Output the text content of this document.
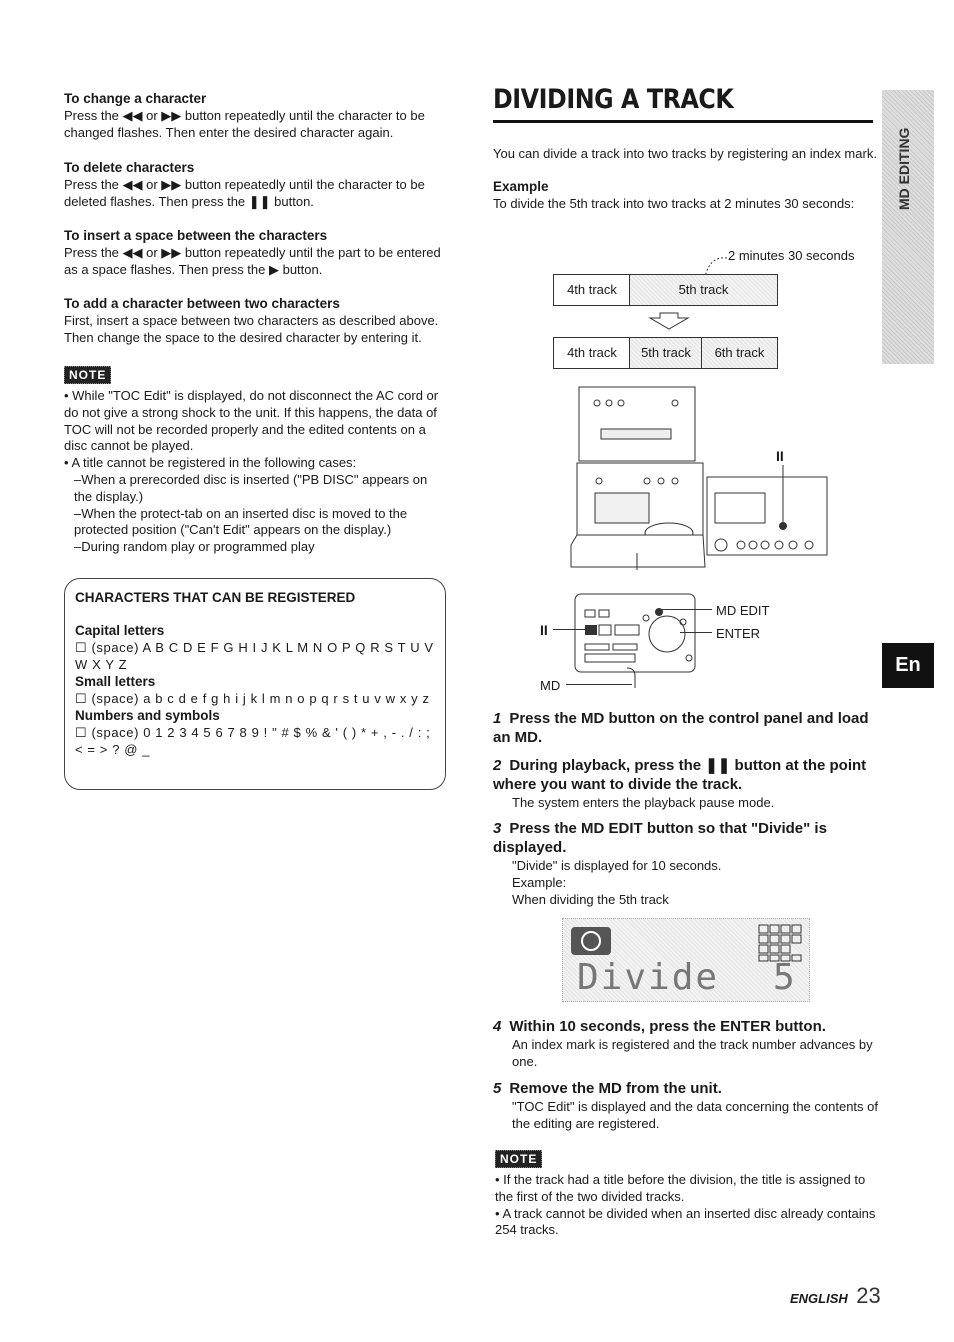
To change a character

Press the ◀◀ or ▶▶ button repeatedly until the character to be changed flashes. Then enter the desired character again.

To delete characters

Press the ◀◀ or ▶▶ button repeatedly until the character to be deleted flashes. Then press the ❚❚ button.

To insert a space between the characters

Press the ◀◀ or ▶▶ button repeatedly until the part to be entered as a space flashes. Then press the ▶ button.

To add a character between two characters

First, insert a space between two characters as described above. Then change the space to the desired character by entering it.

NOTE

• While "TOC Edit" is displayed, do not disconnect the AC cord or do not give a strong shock to the unit. If this happens, the data of TOC will not be recorded properly and the edited contents on a disc cannot be played.

• A title cannot be registered in the following cases:

–When a prerecorded disc is inserted ("PB DISC" appears on the display.)

–When the protect-tab on an inserted disc is moved to the protected position ("Can't Edit" appears on the display.)

–During random play or programmed play

CHARACTERS THAT CAN BE REGISTERED

Capital letters

☐ (space) A B C D E F G H I J K L M N O P Q R S T U V W X Y Z

Small letters

☐ (space) a b c d e f g h i j k l m n o p q r s t u v w x y z

Numbers and symbols

☐ (space) 0 1 2 3 4 5 6 7 8 9 ! " # $ % & ' ( ) * + , - . / : ; < = > ? @ _

DIVIDING A TRACK

You can divide a track into two tracks by registering an index mark.

Example

To divide the 5th track into two tracks at 2 minutes 30 seconds:

2 minutes 30 seconds
4th track	5th track
4th track	5th track	6th track
II
II
MD EDIT
ENTER
MD

1 Press the MD button on the control panel and load an MD.

2 During playback, press the ❚❚ button at the point where you want to divide the track.

The system enters the playback pause mode.

3 Press the MD EDIT button so that "Divide" is displayed.

"Divide" is displayed for 10 seconds.

Example:

When dividing the 5th track

Divide 5

4 Within 10 seconds, press the ENTER button.

An index mark is registered and the track number advances by one.

5 Remove the MD from the unit.

"TOC Edit" is displayed and the data concerning the contents of the editing are registered.

NOTE

• If the track had a title before the division, the title is assigned to the first of the two divided tracks.

• A track cannot be divided when an inserted disc already contains 254 tracks.

MD EDITING
En
ENGLISH 23
